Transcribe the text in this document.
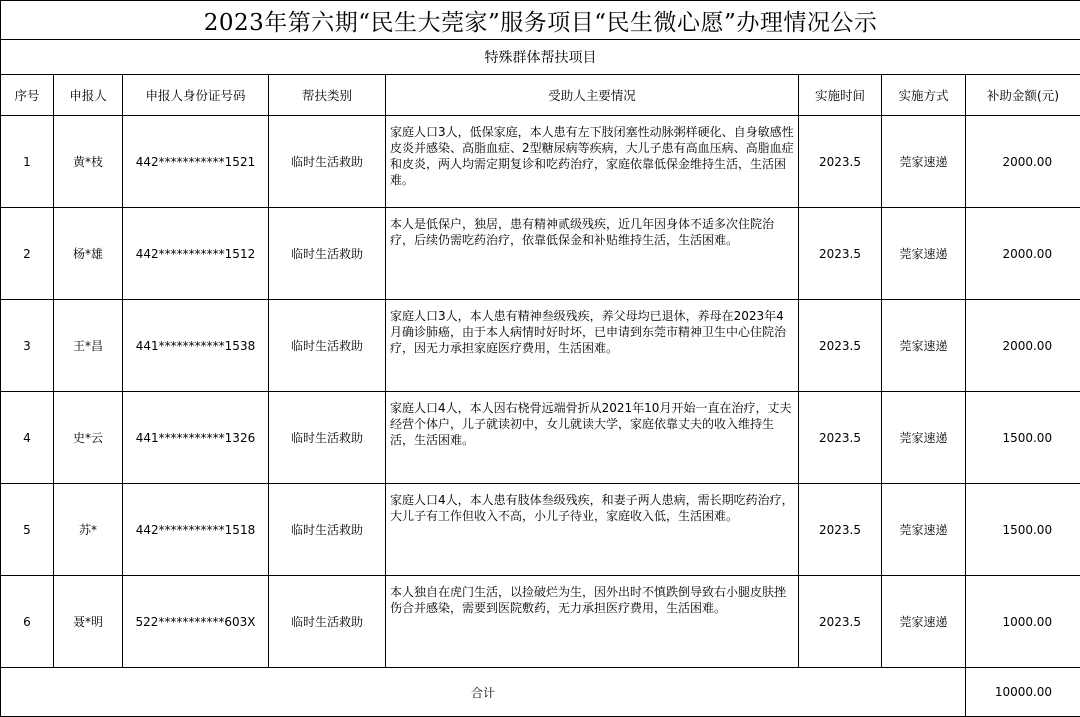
2023年第六期“民生大莞家”服务项目“民生微心愿”办理情况公示							
特殊群体帮扶项目							
序号	申报人	申报人身份证号码	帮扶类别	受助人主要情况	实施时间	实施方式	补助金额(元)
1	黄*枝	442***********1521	临时生活救助	家庭人口3人，低保家庭，本人患有左下肢闭塞性动脉粥样硬化、自身敏感性皮炎并感染、高脂血症、2型糖尿病等疾病，大儿子患有高血压病、高脂血症和皮炎，两人均需定期复诊和吃药治疗，家庭依靠低保金维持生活，生活困难。	2023.5	莞家速递	2000.00
2	杨*雄	442***********1512	临时生活救助	本人是低保户，独居，患有精神贰级残疾，近几年因身体不适多次住院治疗，后续仍需吃药治疗，依靠低保金和补贴维持生活，生活困难。	2023.5	莞家速递	2000.00
3	王*昌	441***********1538	临时生活救助	家庭人口3人，本人患有精神叁级残疾，养父母均已退休，养母在2023年4月确诊肺癌，由于本人病情时好时坏，已申请到东莞市精神卫生中心住院治疗，因无力承担家庭医疗费用，生活困难。	2023.5	莞家速递	2000.00
4	史*云	441***********1326	临时生活救助	家庭人口4人，本人因右桡骨远端骨折从2021年10月开始一直在治疗，丈夫经营个体户，儿子就读初中，女儿就读大学，家庭依靠丈夫的收入维持生活，生活困难。	2023.5	莞家速递	1500.00
5	苏*	442***********1518	临时生活救助	家庭人口4人，本人患有肢体叁级残疾，和妻子两人患病，需长期吃药治疗，大儿子有工作但收入不高，小儿子待业，家庭收入低，生活困难。	2023.5	莞家速递	1500.00
6	聂*明	522***********603X	临时生活救助	本人独自在虎门生活，以捡破烂为生，因外出时不慎跌倒导致右小腿皮肤挫伤合并感染，需要到医院敷药，无力承担医疗费用，生活困难。	2023.5	莞家速递	1000.00
合计							10000.00
